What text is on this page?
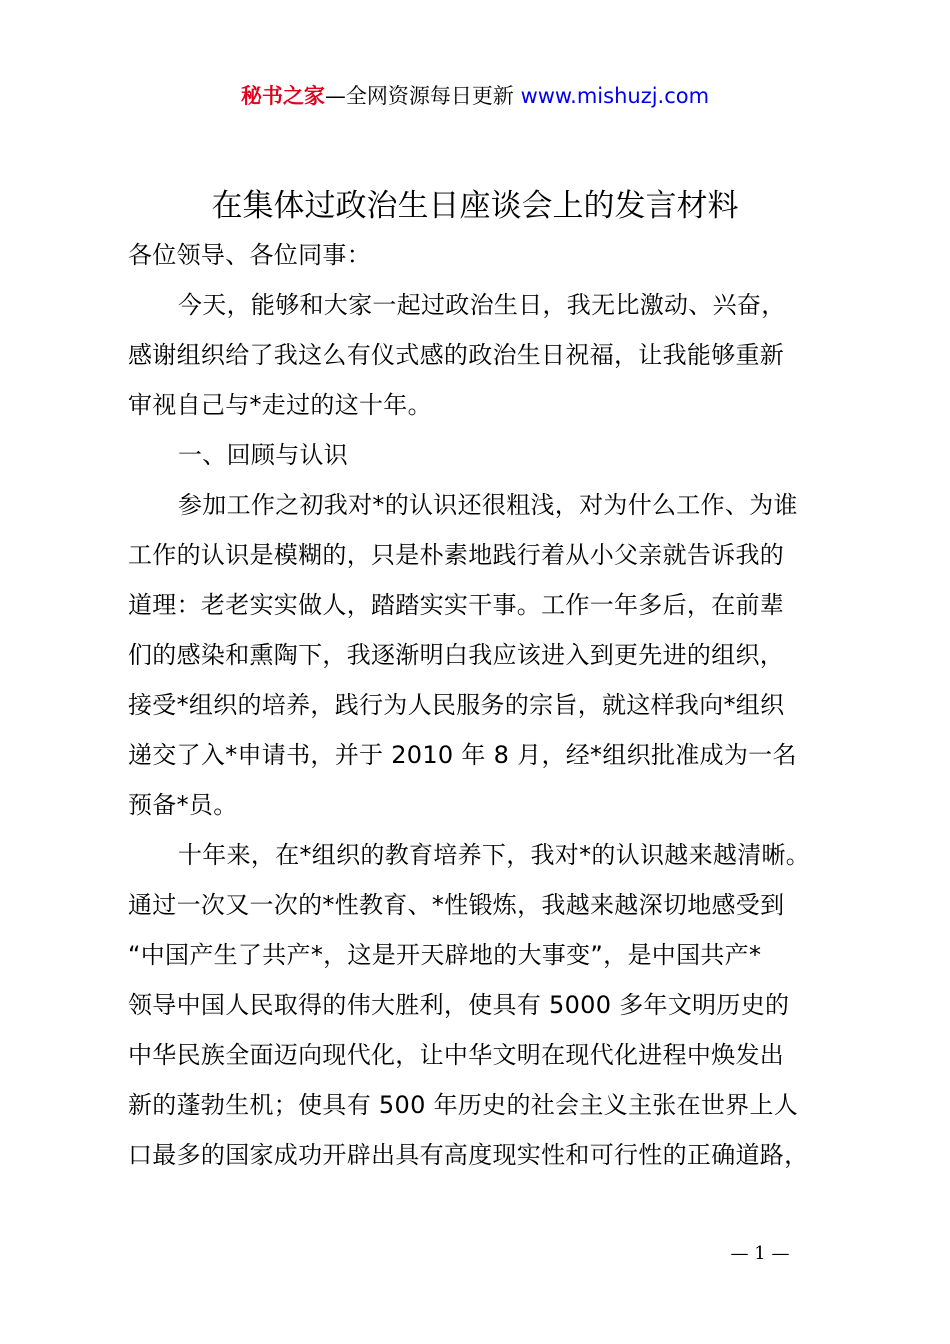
秘书之家—全网资源每日更新 www.mishuzj.com
在集体过政治生日座谈会上的发言材料
各位领导、各位同事：
今天，能够和大家一起过政治生日，我无比激动、兴奋，
感谢组织给了我这么有仪式感的政治生日祝福，让我能够重新
审视自己与*走过的这十年。
一、回顾与认识
参加工作之初我对*的认识还很粗浅，对为什么工作、为谁
工作的认识是模糊的，只是朴素地践行着从小父亲就告诉我的
道理：老老实实做人，踏踏实实干事。工作一年多后，在前辈
们的感染和熏陶下，我逐渐明白我应该进入到更先进的组织，
接受*组织的培养，践行为人民服务的宗旨，就这样我向*组织
递交了入*申请书，并于 2010 年 8 月，经*组织批准成为一名
预备*员。
十年来，在*组织的教育培养下，我对*的认识越来越清晰。
通过一次又一次的*性教育、*性锻炼，我越来越深切地感受到
“中国产生了共产*，这是开天辟地的大事变”，是中国共产*
领导中国人民取得的伟大胜利，使具有 5000 多年文明历史的
中华民族全面迈向现代化，让中华文明在现代化进程中焕发出
新的蓬勃生机；使具有 500 年历史的社会主义主张在世界上人
口最多的国家成功开辟出具有高度现实性和可行性的正确道路，
— 1 —
